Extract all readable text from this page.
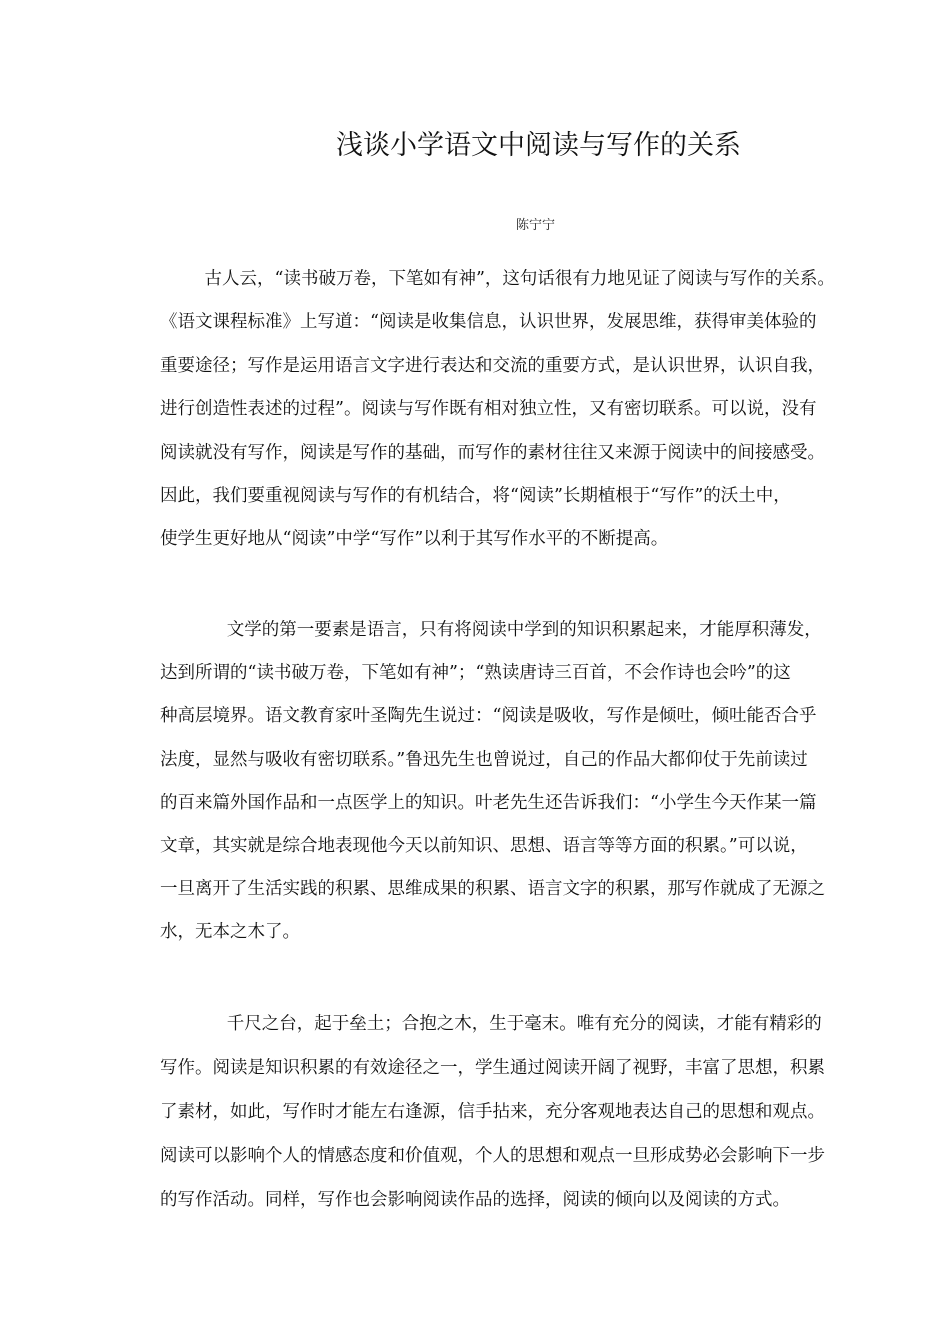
浅谈小学语文中阅读与写作的关系
陈宁宁
古人云，“读书破万卷，下笔如有神”，这句话很有力地见证了阅读与写作的关系。
《语文课程标准》上写道：“阅读是收集信息，认识世界，发展思维，获得审美体验的
重要途径；写作是运用语言文字进行表达和交流的重要方式，是认识世界，认识自我，
进行创造性表述的过程”。阅读与写作既有相对独立性，又有密切联系。可以说，没有
阅读就没有写作，阅读是写作的基础，而写作的素材往往又来源于阅读中的间接感受。
因此，我们要重视阅读与写作的有机结合，将“阅读”长期植根于“写作”的沃土中，
使学生更好地从“阅读”中学“写作”以利于其写作水平的不断提高。
文学的第一要素是语言，只有将阅读中学到的知识积累起来，才能厚积薄发，
达到所谓的“读书破万卷，下笔如有神”；“熟读唐诗三百首，不会作诗也会吟”的这
种高层境界。语文教育家叶圣陶先生说过：“阅读是吸收，写作是倾吐，倾吐能否合乎
法度，显然与吸收有密切联系。”鲁迅先生也曾说过，自己的作品大都仰仗于先前读过
的百来篇外国作品和一点医学上的知识。叶老先生还告诉我们：“小学生今天作某一篇
文章，其实就是综合地表现他今天以前知识、思想、语言等等方面的积累。”可以说，
一旦离开了生活实践的积累、思维成果的积累、语言文字的积累，那写作就成了无源之
水，无本之木了。
千尺之台，起于垒土；合抱之木，生于毫末。唯有充分的阅读，才能有精彩的
写作。阅读是知识积累的有效途径之一，学生通过阅读开阔了视野，丰富了思想，积累
了素材，如此，写作时才能左右逢源，信手拈来，充分客观地表达自己的思想和观点。
阅读可以影响个人的情感态度和价值观，个人的思想和观点一旦形成势必会影响下一步
的写作活动。同样，写作也会影响阅读作品的选择，阅读的倾向以及阅读的方式。
